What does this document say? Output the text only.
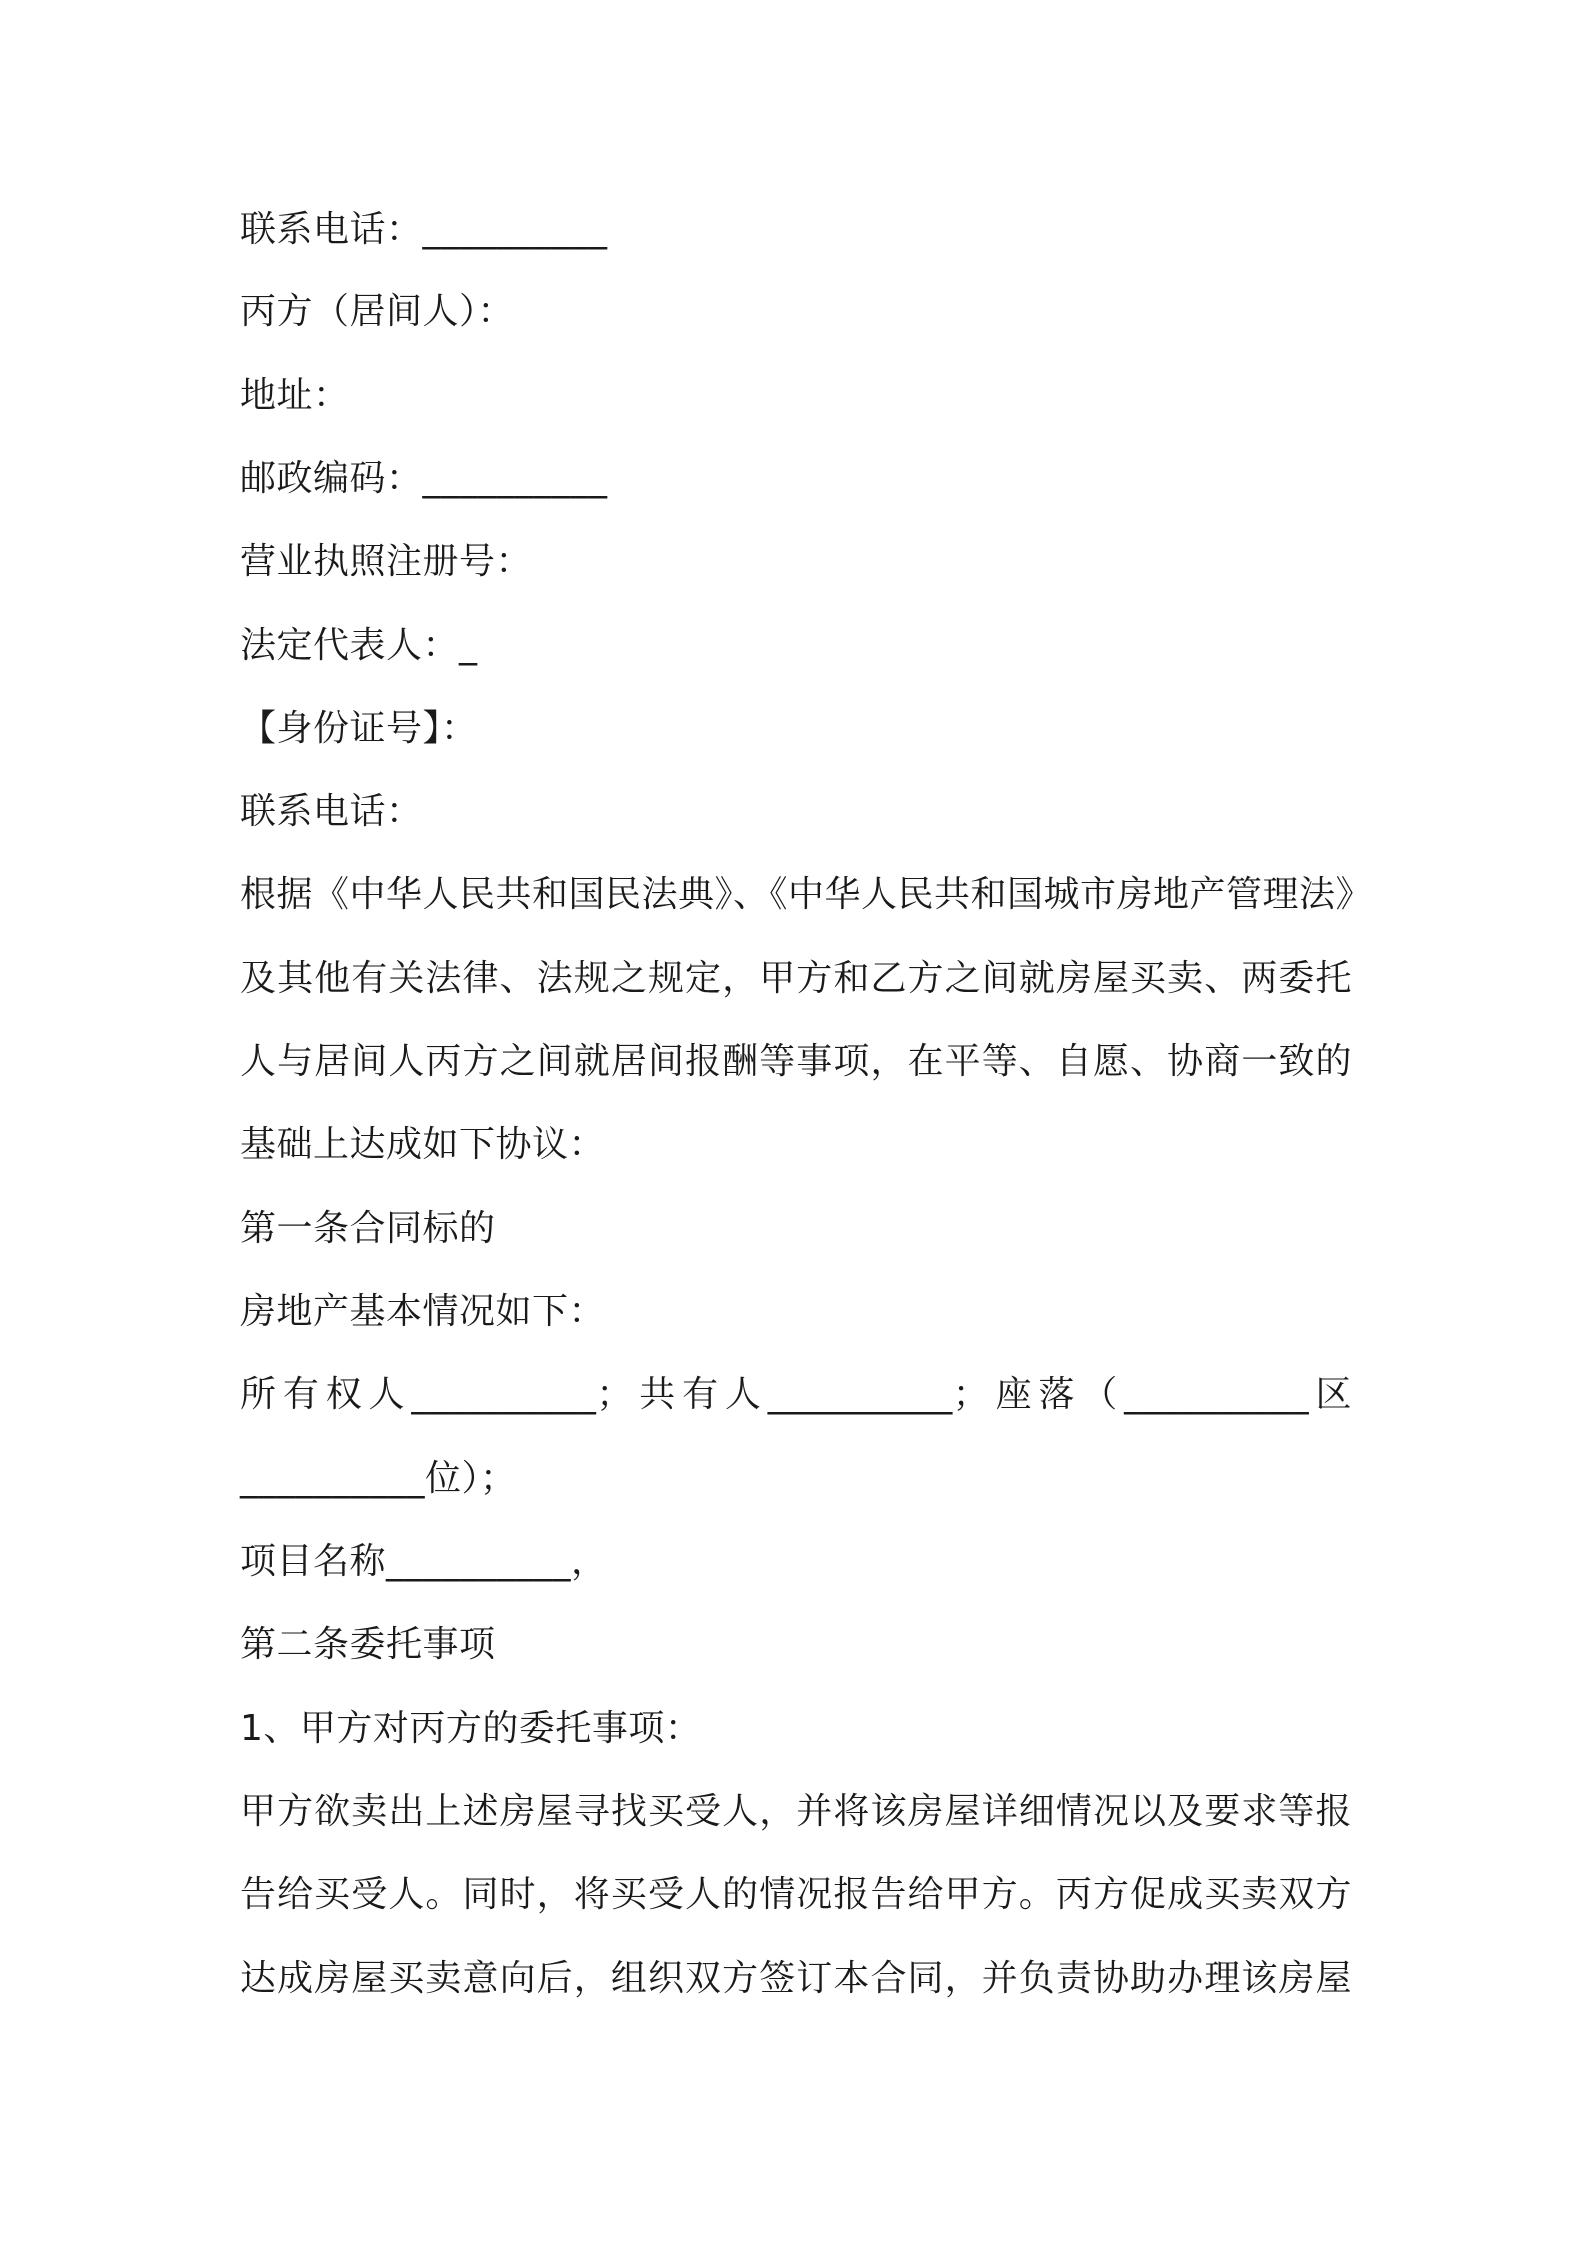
联系电话：__________

丙方（居间人）：

地址：

邮政编码：__________

营业执照注册号：

法定代表人：_

【身份证号】：

联系电话：

根据《中华人民共和国民法典》、《中华人民共和国城市房地产管理法》

及其他有关法律、法规之规定，甲方和乙方之间就房屋买卖、两委托

人与居间人丙方之间就居间报酬等事项，在平等、自愿、协商一致的

基础上达成如下协议：

第一条合同标的

房地产基本情况如下：

所有权人__________；共有人__________；座落（__________区

__________位）；

项目名称__________，

第二条委托事项

1、甲方对丙方的委托事项：

甲方欲卖出上述房屋寻找买受人，并将该房屋详细情况以及要求等报

告给买受人。同时，将买受人的情况报告给甲方。丙方促成买卖双方

达成房屋买卖意向后，组织双方签订本合同，并负责协助办理该房屋
